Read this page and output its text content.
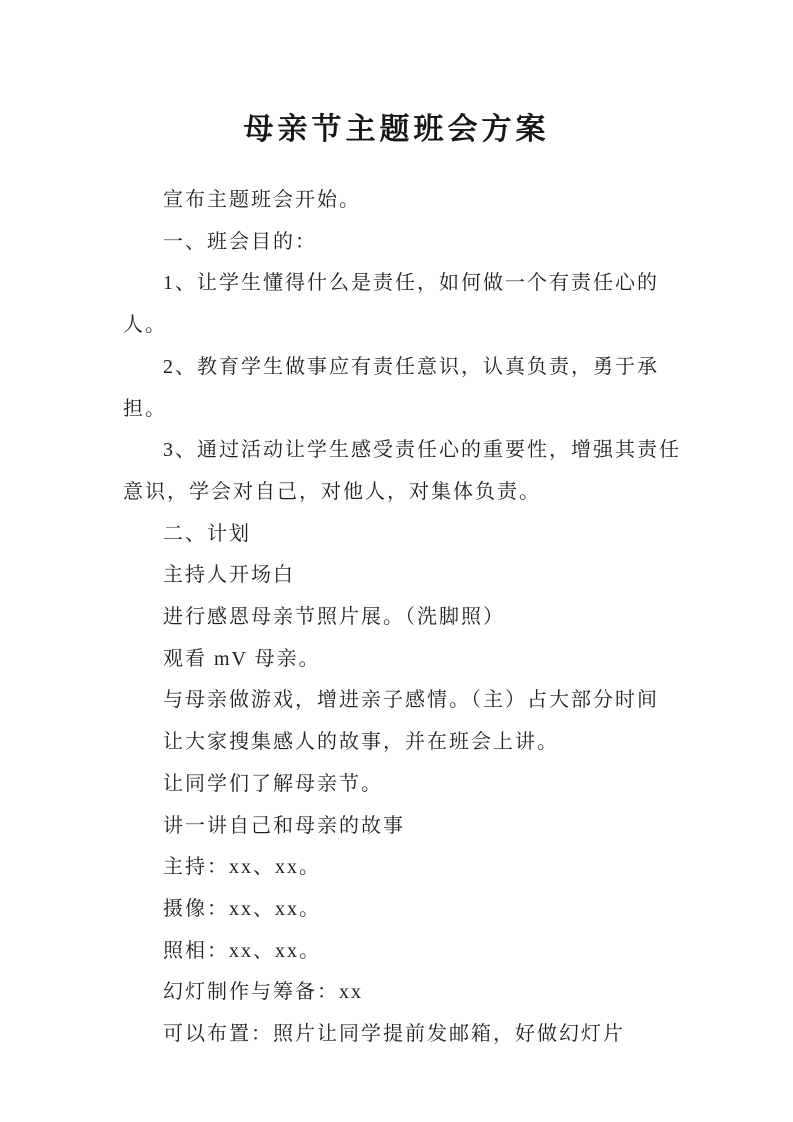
母亲节主题班会方案

宣布主题班会开始。

一、班会目的：

1、让学生懂得什么是责任，如何做一个有责任心的人。

2、教育学生做事应有责任意识，认真负责，勇于承担。

3、通过活动让学生感受责任心的重要性，增强其责任意识，学会对自己，对他人，对集体负责。

二、计划

主持人开场白

进行感恩母亲节照片展。（洗脚照）

观看 mV 母亲。

与母亲做游戏，增进亲子感情。（主）占大部分时间

让大家搜集感人的故事，并在班会上讲。

让同学们了解母亲节。

讲一讲自己和母亲的故事

主持：xx、xx。

摄像：xx、xx。

照相：xx、xx。

幻灯制作与筹备：xx

可以布置：照片让同学提前发邮箱，好做幻灯片
